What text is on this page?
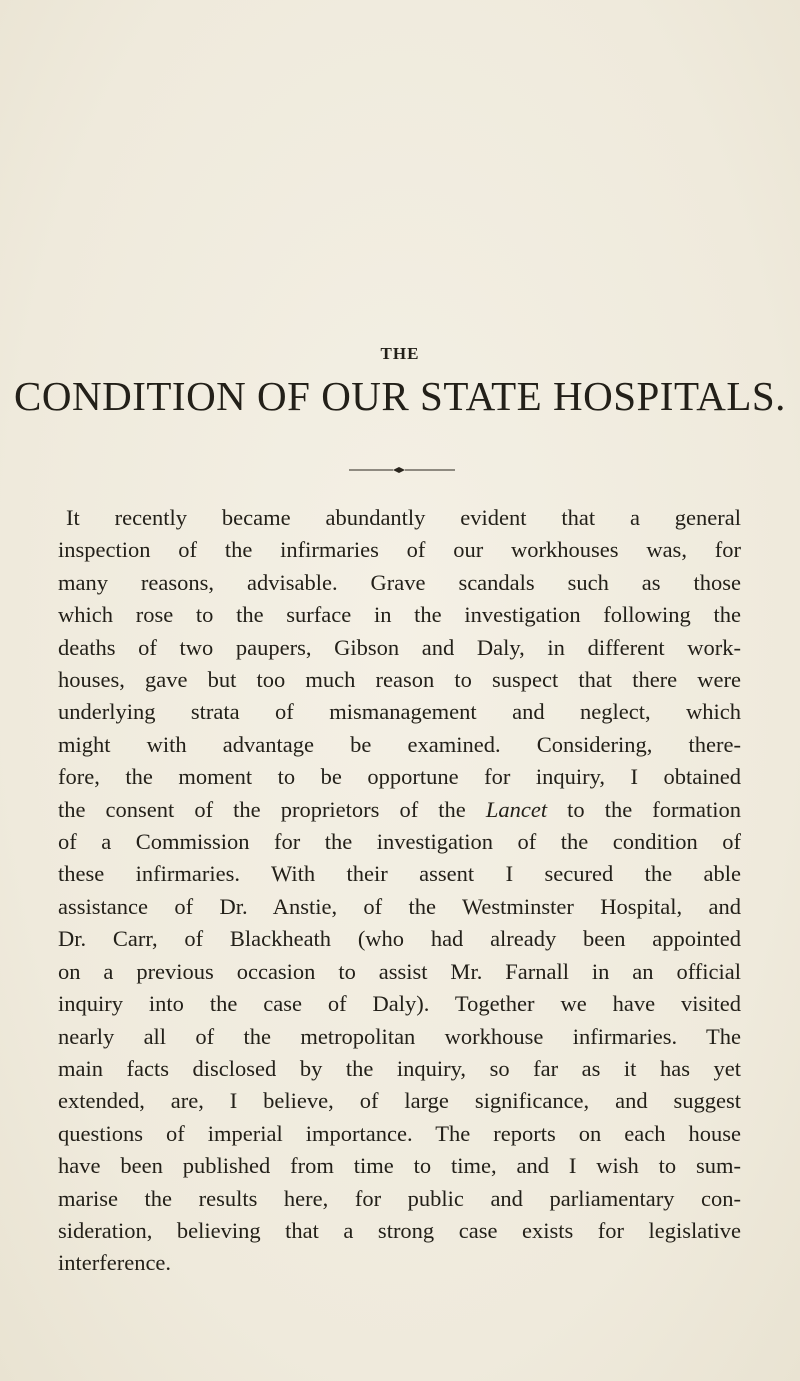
THE
CONDITION OF OUR STATE HOSPITALS.
It recently became abundantly evident that a general
inspection of the infirmaries of our workhouses was, for
many reasons, advisable. Grave scandals such as those
which rose to the surface in the investigation following the
deaths of two paupers, Gibson and Daly, in different work-
houses, gave but too much reason to suspect that there were
underlying strata of mismanagement and neglect, which
might with advantage be examined. Considering, there-
fore, the moment to be opportune for inquiry, I obtained
the consent of the proprietors of the Lancet to the formation
of a Commission for the investigation of the condition of
these infirmaries. With their assent I secured the able
assistance of Dr. Anstie, of the Westminster Hospital, and
Dr. Carr, of Blackheath (who had already been appointed
on a previous occasion to assist Mr. Farnall in an official
inquiry into the case of Daly). Together we have visited
nearly all of the metropolitan workhouse infirmaries. The
main facts disclosed by the inquiry, so far as it has yet
extended, are, I believe, of large significance, and suggest
questions of imperial importance. The reports on each house
have been published from time to time, and I wish to sum-
marise the results here, for public and parliamentary con-
sideration, believing that a strong case exists for legislative
interference.
